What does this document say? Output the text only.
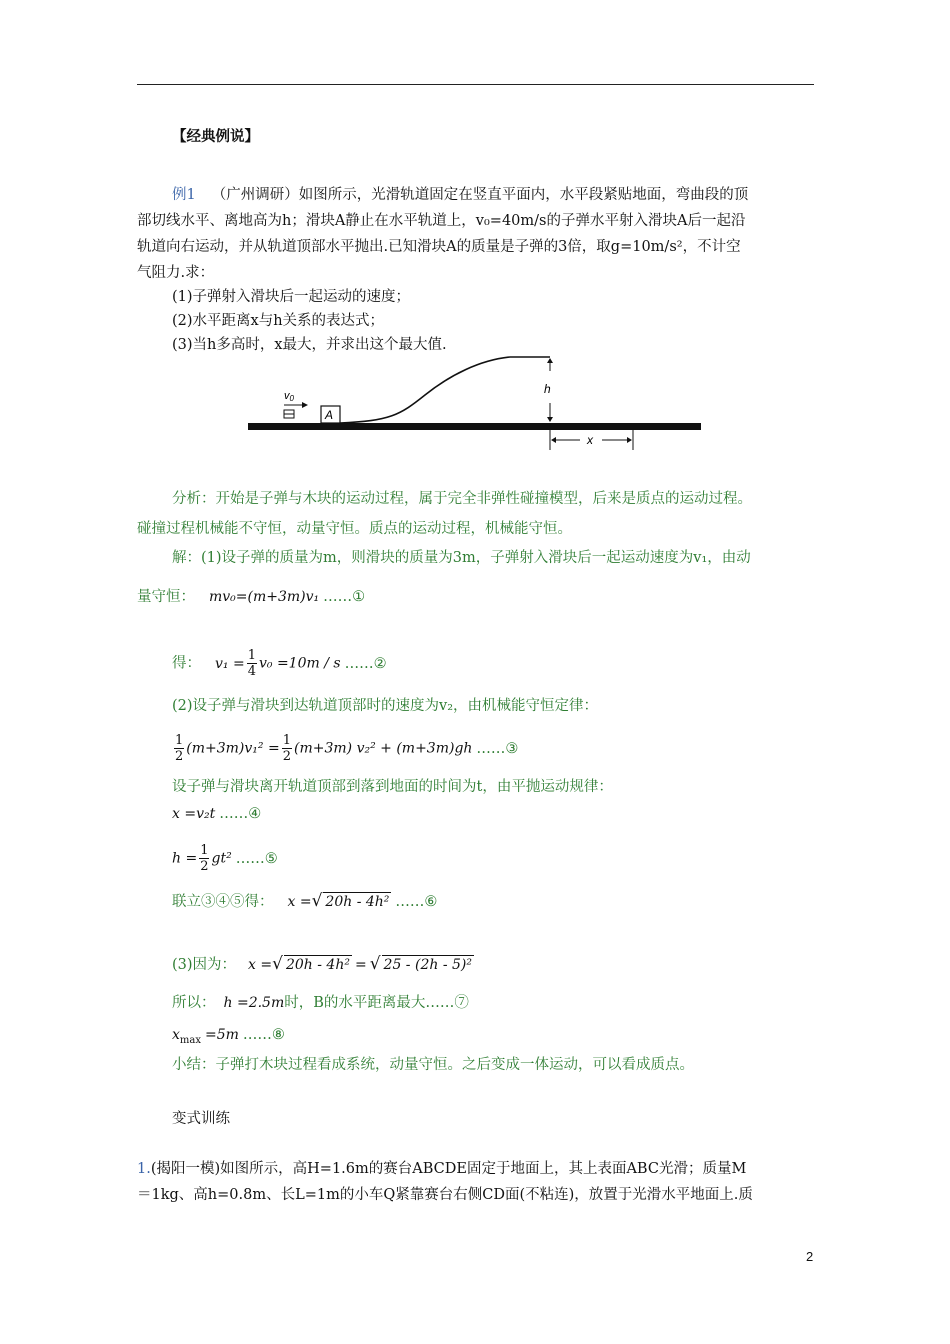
【经典例说】
例1 （广州调研）如图所示，光滑轨道固定在竖直平面内，水平段紧贴地面，弯曲段的顶
部切线水平、离地高为h；滑块A静止在水平轨道上，v₀=40m/s的子弹水平射入滑块A后一起沿
轨道向右运动，并从轨道顶部水平抛出.已知滑块A的质量是子弹的3倍，取g=10m/s²，不计空
气阻力.求：
(1)子弹射入滑块后一起运动的速度；
(2)水平距离x与h关系的表达式；
(3)当h多高时，x最大，并求出这个最大值.
A
v0
h
x
分析：开始是子弹与木块的运动过程，属于完全非弹性碰撞模型，后来是质点的运动过程。
碰撞过程机械能不守恒，动量守恒。质点的运动过程，机械能守恒。
解：(1)设子弹的质量为m，则滑块的质量为3m，子弹射入滑块后一起运动速度为v₁，由动
量守恒： mv₀=(m+3m)v₁ ……①
得： $v_1 = \frac{1}{4} v_0 =10m / s$ ……②
(2)设子弹与滑块到达轨道顶部时的速度为v₂，由机械能守恒定律：
$\frac{1}{2} (m+3m)v_1^2 = \frac{1}{2} (m+3m) v_2^2 + (m+3m)gh$ ……③
设子弹与滑块离开轨道顶部到落到地面的时间为t，由平抛运动规律：
x =v₂t ……④
$h = \frac{1}{2} gt^2$ ……⑤
联立③④⑤得： x =√ 20h - 4h² ……⑥
(3)因为： x =√ 20h - 4h² = √ 25 - (2h - 5)²
所以： h =2.5m时，B的水平距离最大……⑦
$x_{max} =5m$ ……⑧
小结：子弹打木块过程看成系统，动量守恒。之后变成一体运动，可以看成质点。
变式训练
1.(揭阳一模)如图所示，高H=1.6m的赛台ABCDE固定于地面上，其上表面ABC光滑；质量M
＝1kg、高h=0.8m、长L=1m的小车Q紧靠赛台右侧CD面(不粘连)，放置于光滑水平地面上.质
2
